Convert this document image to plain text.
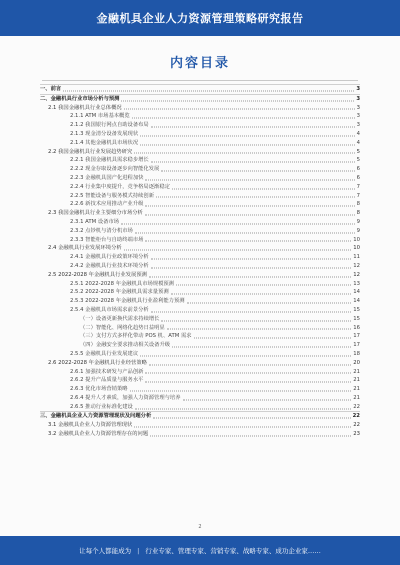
金融机具企业人力资源管理策略研究报告
内容目录
一、前言	3
二、金融机具行业市场分析与预测	3
2.1 我国金融机具行业总体概况	3
2.1.1 ATM 市场基本概览	3
2.1.2 我国银行网点自助设备布局	3
2.1.3 现金清分设备发展现状	4
2.1.4 其他金融机具市场状况	4
2.2 我国金融机具行业发展趋势研究	5
2.2.1 我国金融机具需求稳步增长	5
2.2.2 现金存取设备逐步向智能化发展	6
2.2.3 金融机具国产化进程加快	6
2.2.4 行业集中度提升，竞争格局逐渐稳定	7
2.2.5 智能设备与服务模式持续创新	7
2.2.6 新技术应用推动产业升级	8
2.3 我国金融机具行业主要细分市场分析	8
2.3.1 ATM 设备市场	9
2.3.2 点钞机与清分机市场	9
2.3.3 智能柜台与自助终端市场	10
2.4 金融机具行业发展环境分析	10
2.4.1 金融机具行业政策环境分析	11
2.4.2 金融机具行业技术环境分析	12
2.5 2022-2028 年金融机具行业发展预测	12
2.5.1 2022-2028 年金融机具市场规模预测	13
2.5.2 2022-2028 年金融机具需求量预测	14
2.5.3 2022-2028 年金融机具行业盈利能力预测	14
2.5.4 金融机具市场需求前景分析	15
（一）设备更新换代需求持续增长	15
（二）智能化、网络化趋势日益明显	16
（三）支付方式多样化带动 POS 机、ATM 需求	17
（四）金融安全要求推动相关设备升级	17
2.5.5 金融机具行业发展建议	18
2.6 2022-2028 年金融机具行业经营策略	20
2.6.1 加强技术研发与产品创新	21
2.6.2 提升产品质量与服务水平	21
2.6.3 优化市场营销策略	21
2.6.4 提升人才素质，加强人力资源管理与培养	21
2.6.5 推动行业标准化建设	22
三、金融机具企业人力资源管理现状及问题分析	22
3.1 金融机具企业人力资源管理现状	22
3.2 金融机具企业人力资源管理存在的问题	23
2
让每个人都能成为 | 行业专家、管理专家、营销专家、战略专家、成功企业家……
